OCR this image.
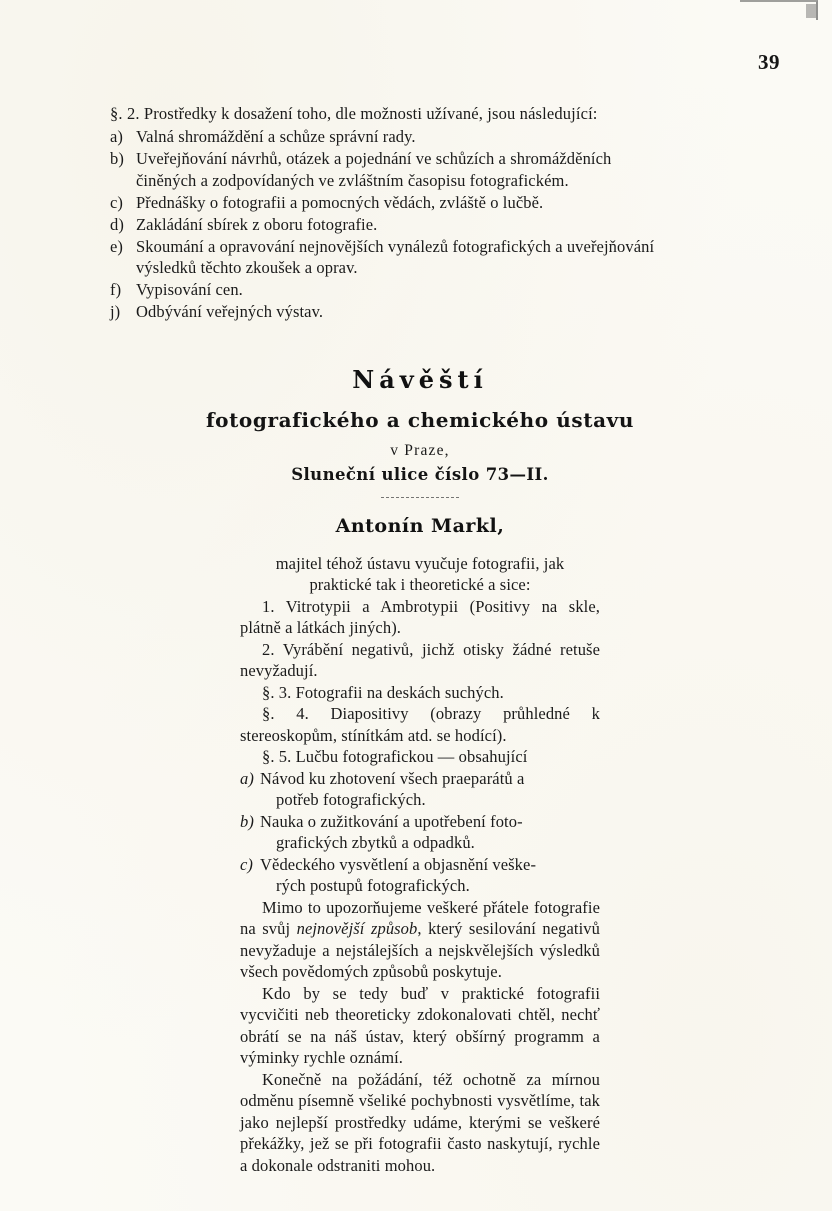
39
§. 2. Prostředky k dosažení toho, dle možnosti užívané, jsou následující:
a) Valná shromáždění a schůze správní rady.
b) Uveřejňování návrhů, otázek a pojednání ve schůzích a shromážděních
činěných a zodpovídaných ve zvláštním časopisu fotografickém.
c) Přednášky o fotografii a pomocných vědách, zvláště o lučbě.
d) Zakládání sbírek z oboru fotografie.
e) Skoumání a opravování nejnovějších vynálezů fotografických a uveřejňování
výsledků těchto zkoušek a oprav.
f) Vypisování cen.
j) Odbývání veřejných výstav.
Návěští
fotografického a chemického ústavu
v Praze,
Sluneční ulice číslo 73—II.
Antonín Markl,

majitel téhož ústavu vyučuje fotografii, jak

praktické tak i theoretické a sice:

1. Vitrotypii a Ambrotypii (Positivy na skle, plátně a látkách jiných).

2. Vyrábění negativů, jichž otisky žádné retuše nevyžadují.

§. 3. Fotografii na deskách suchých.

§. 4. Diapositivy (obrazy průhledné k stereoskopům, stínítkám atd. se hodící).

§. 5. Lučbu fotografickou — obsahující

a) Návod ku zhotovení všech praeparátů a
potřeb fotografických.
b) Nauka o zužitkování a upotřebení foto-
grafických zbytků a odpadků.
c) Vědeckého vysvětlení a objasnění veške-
rých postupů fotografických.

Mimo to upozorňujeme veškeré přátele fotografie na svůj nejnovější způsob, který sesilování negativů nevyžaduje a nejstálejších a nejskvělejších výsledků všech povědomých způsobů poskytuje.

Kdo by se tedy buď v praktické fotografii vycvičiti neb theoreticky zdokonalovati chtěl, nechť obrátí se na náš ústav, který obšírný programm a výminky rychle oznámí.

Konečně na požádání, též ochotně za mírnou odměnu písemně všeliké pochybnosti vysvětlíme, tak jako nejlepší prostředky udáme, kterými se veškeré překážky, jež se při fotografii často naskytují, rychle a dokonale odstraniti mohou.
